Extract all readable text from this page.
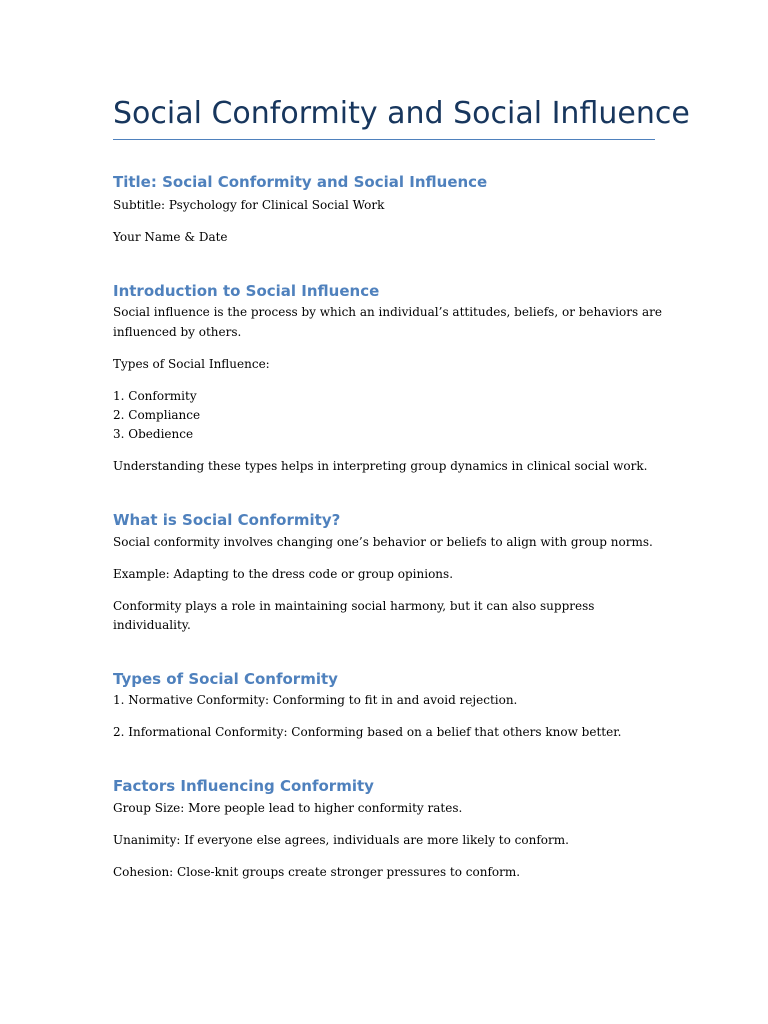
Social Conformity and Social Influence
Title: Social Conformity and Social Influence

Subtitle: Psychology for Clinical Social Work

Your Name & Date

Introduction to Social Influence

Social influence is the process by which an individual’s attitudes, beliefs, or behaviors are

influenced by others.

Types of Social Influence:

1. Conformity

2. Compliance

3. Obedience

Understanding these types helps in interpreting group dynamics in clinical social work.

What is Social Conformity?

Social conformity involves changing one’s behavior or beliefs to align with group norms.

Example: Adapting to the dress code or group opinions.

Conformity plays a role in maintaining social harmony, but it can also suppress

individuality.

Types of Social Conformity

1. Normative Conformity: Conforming to fit in and avoid rejection.

2. Informational Conformity: Conforming based on a belief that others know better.

Factors Influencing Conformity

Group Size: More people lead to higher conformity rates.

Unanimity: If everyone else agrees, individuals are more likely to conform.

Cohesion: Close-knit groups create stronger pressures to conform.
